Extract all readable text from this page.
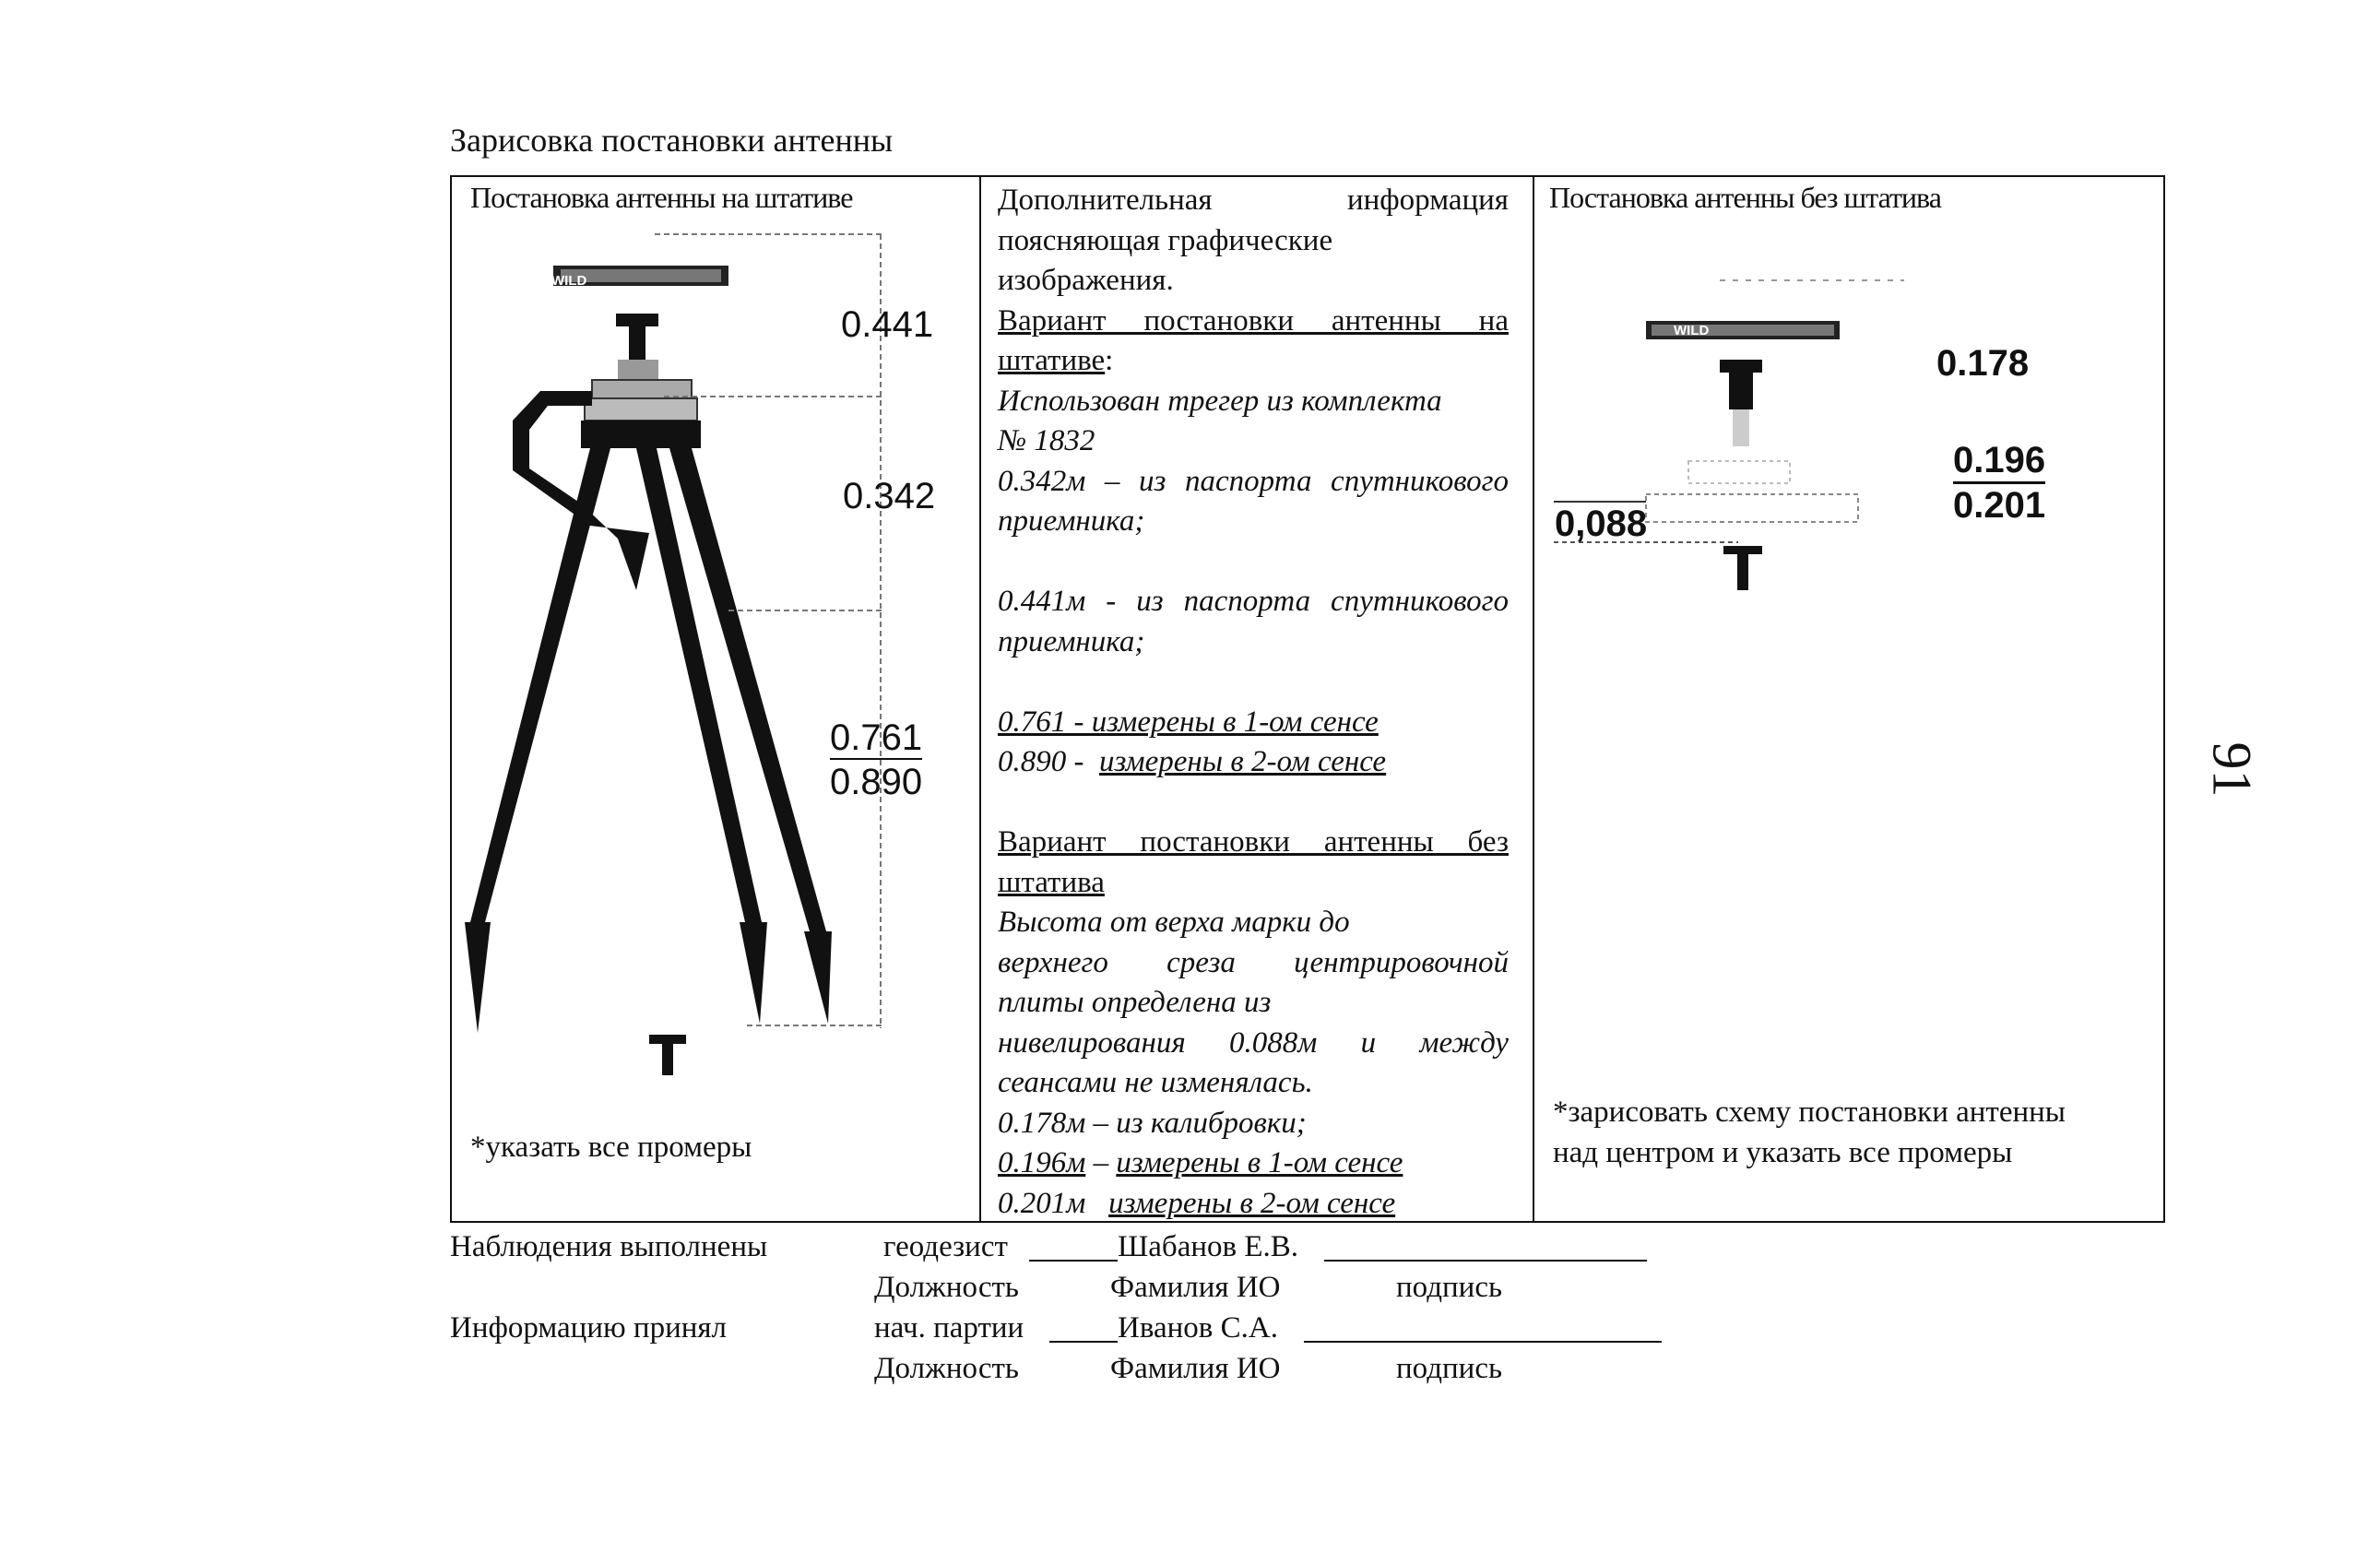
Зарисовка постановки антенны
Постановка антенны на штативе
0.441
0.342
0.761
0.890
*указать все промеры

Дополнительная	информация

поясняющая графические

изображения.

Вариант постановки антенны на

штативе:

Использован трегер из комплекта

№ 1832

0.342м – из паспорта спутникового

приемника;

0.441м - из паспорта спутникового

приемника;

0.761 - измерены в 1-ом сенсе

0.890 - измерены в 2-ом сенсе

Вариант постановки антенны без

штатива

Высота от верха марки до

верхнего среза центрировочной

плиты определена из

нивелирования 0.088м и между

сеансами не изменялась.

0.178м – из калибровки;

0.196м – измерены в 1-ом сенсе

0.201м измерены в 2-ом сенсе

Постановка антенны без штатива
WILD
WILD
0.178
0.196
0.201
0,088
*зарисовать схему постановки антенны
над центром и указать все промеры
Наблюдения выполнены	геодезист	Шабанов Е.В.
Должность	Фамилия ИО	подпись
Информацию принял	нач. партии	Иванов С.А.
Должность	Фамилия ИО	подпись
91
